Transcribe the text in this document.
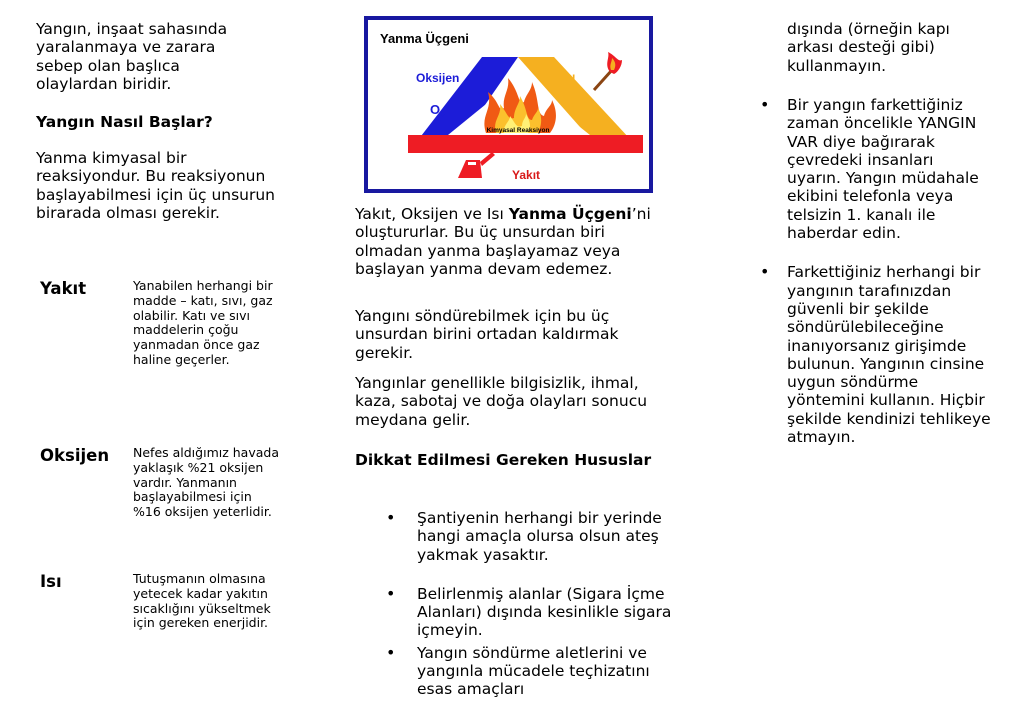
Yangın, inşaat sahasında yaralanmaya ve zarara sebep olan başlıca olaylardan biridir.

Yangın Nasıl Başlar?

Yanma kimyasal bir reaksiyondur. Bu reaksiyonun başlayabilmesi için üç unsurun birarada olması gerekir.

Yakıt	Yanabilen herhangi bir madde – katı, sıvı, gaz olabilir. Katı ve sıvı maddelerin çoğu yanmadan önce gaz haline geçerler.
Oksijen Nefes aldığımız havada yaklaşık %21 oksijen vardır. Yanmanın başlayabilmesi için %16 oksijen yeterlidir.
Isı	Tutuşmanın olmasına yetecek kadar yakıtın sıcaklığını yükseltmek için gereken enerjidir.
Yanma Üçgeni
Kimyasal Reaksiyon
Oksijen
$O_2$
Isı
Yakıt

Yakıt, Oksijen ve Isı Yanma Üçgeni’ni oluştururlar. Bu üç unsurdan biri olmadan yanma başlayamaz veya başlayan yanma devam edemez.

Yangını söndürebilmek için bu üç unsurdan birini ortadan kaldırmak gerekir.

Yangınlar genellikle bilgisizlik, ihmal, kaza, sabotaj ve doğa olayları sonucu meydana gelir.

Dikkat Edilmesi Gereken Hususlar
• Şantiyenin herhangi bir yerinde hangi amaçla olursa olsun ateş yakmak yasaktır.
• Belirlenmiş alanlar (Sigara İçme Alanları) dışında kesinlikle sigara içmeyin.
• Yangın söndürme aletlerini ve yangınla mücadele teçhizatını esas amaçları

dışında (örneğin kapı arkası desteği gibi) kullanmayın.

• Bir yangın farkettiğiniz zaman öncelikle YANGIN VAR diye bağırarak çevredeki insanları uyarın. Yangın müdahale ekibini telefonla veya telsizin 1. kanalı ile haberdar edin.
• Farkettiğiniz herhangi bir yangının tarafınızdan güvenli bir şekilde söndürülebileceğine inanıyorsanız girişimde bulunun. Yangının cinsine uygun söndürme yöntemini kullanın. Hiçbir şekilde kendinizi tehlikeye atmayın.
